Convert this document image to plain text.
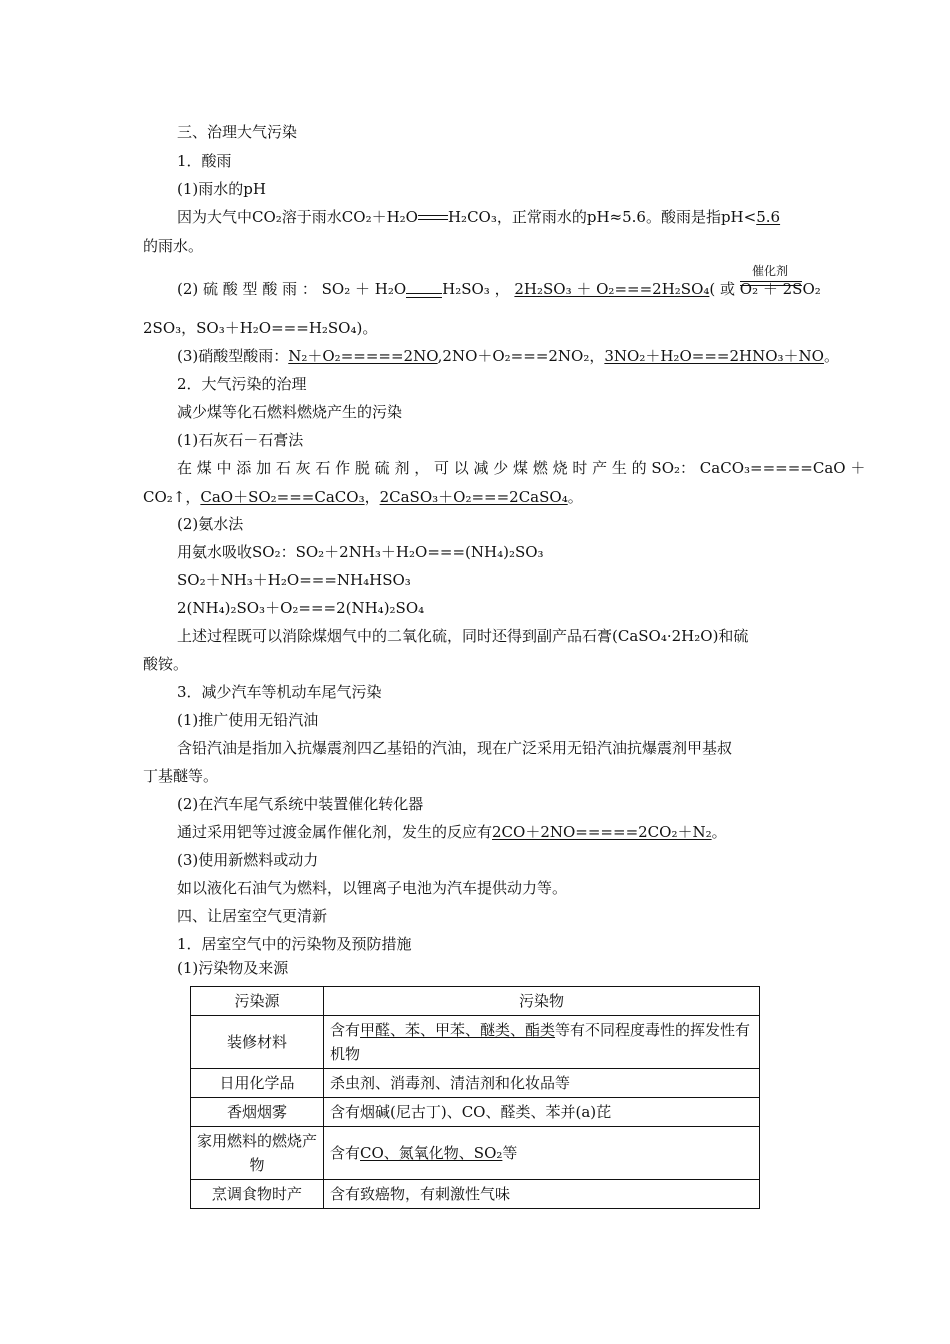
三、治理大气污染
1．酸雨
(1)雨水的pH
因为大气中CO₂溶于雨水CO₂＋H₂O H₂CO₃，正常雨水的pH≈5.6。酸雨是指pH<5.6
的雨水。
(2) 硫 酸 型 酸 雨 ： SO₂ ＋ H₂O H₂SO₃ ， 2H₂SO₃ ＋ O₂===2H₂SO₄( 或 O₂ ＋ 2SO₂
催化剂
2SO₃，SO₃＋H₂O===H₂SO₄)。
(3)硝酸型酸雨：N₂＋O₂=====2NO,2NO＋O₂===2NO₂，3NO₂＋H₂O===2HNO₃＋NO。
2．大气污染的治理
减少煤等化石燃料燃烧产生的污染
(1)石灰石－石膏法
在 煤 中 添 加 石 灰 石 作 脱 硫 剂 ， 可 以 减 少 煤 燃 烧 时 产 生 的 SO₂： CaCO₃=====CaO ＋
CO₂↑，CaO＋SO₂===CaCO₃，2CaSO₃＋O₂===2CaSO₄。
(2)氨水法
用氨水吸收SO₂：SO₂＋2NH₃＋H₂O===(NH₄)₂SO₃
SO₂＋NH₃＋H₂O===NH₄HSO₃
2(NH₄)₂SO₃＋O₂===2(NH₄)₂SO₄
上述过程既可以消除煤烟气中的二氧化硫，同时还得到副产品石膏(CaSO₄·2H₂O)和硫
酸铵。
3．减少汽车等机动车尾气污染
(1)推广使用无铅汽油
含铅汽油是指加入抗爆震剂四乙基铅的汽油，现在广泛采用无铅汽油抗爆震剂甲基叔
丁基醚等。
(2)在汽车尾气系统中装置催化转化器
通过采用钯等过渡金属作催化剂，发生的反应有2CO＋2NO=====2CO₂＋N₂。
(3)使用新燃料或动力
如以液化石油气为燃料，以锂离子电池为汽车提供动力等。
四、让居室空气更清新
1．居室空气中的污染物及预防措施
(1)污染物及来源
污染源	污染物
装修材料	含有甲醛、苯、甲苯、醚类、酯类等有不同程度毒性的挥发性有机物
日用化学品	杀虫剂、消毒剂、清洁剂和化妆品等
香烟烟雾	含有烟碱(尼古丁)、CO、醛类、苯并(a)芘
家用燃料的燃烧产物	含有CO、氮氧化物、SO₂等
烹调食物时产	含有致癌物，有刺激性气味
